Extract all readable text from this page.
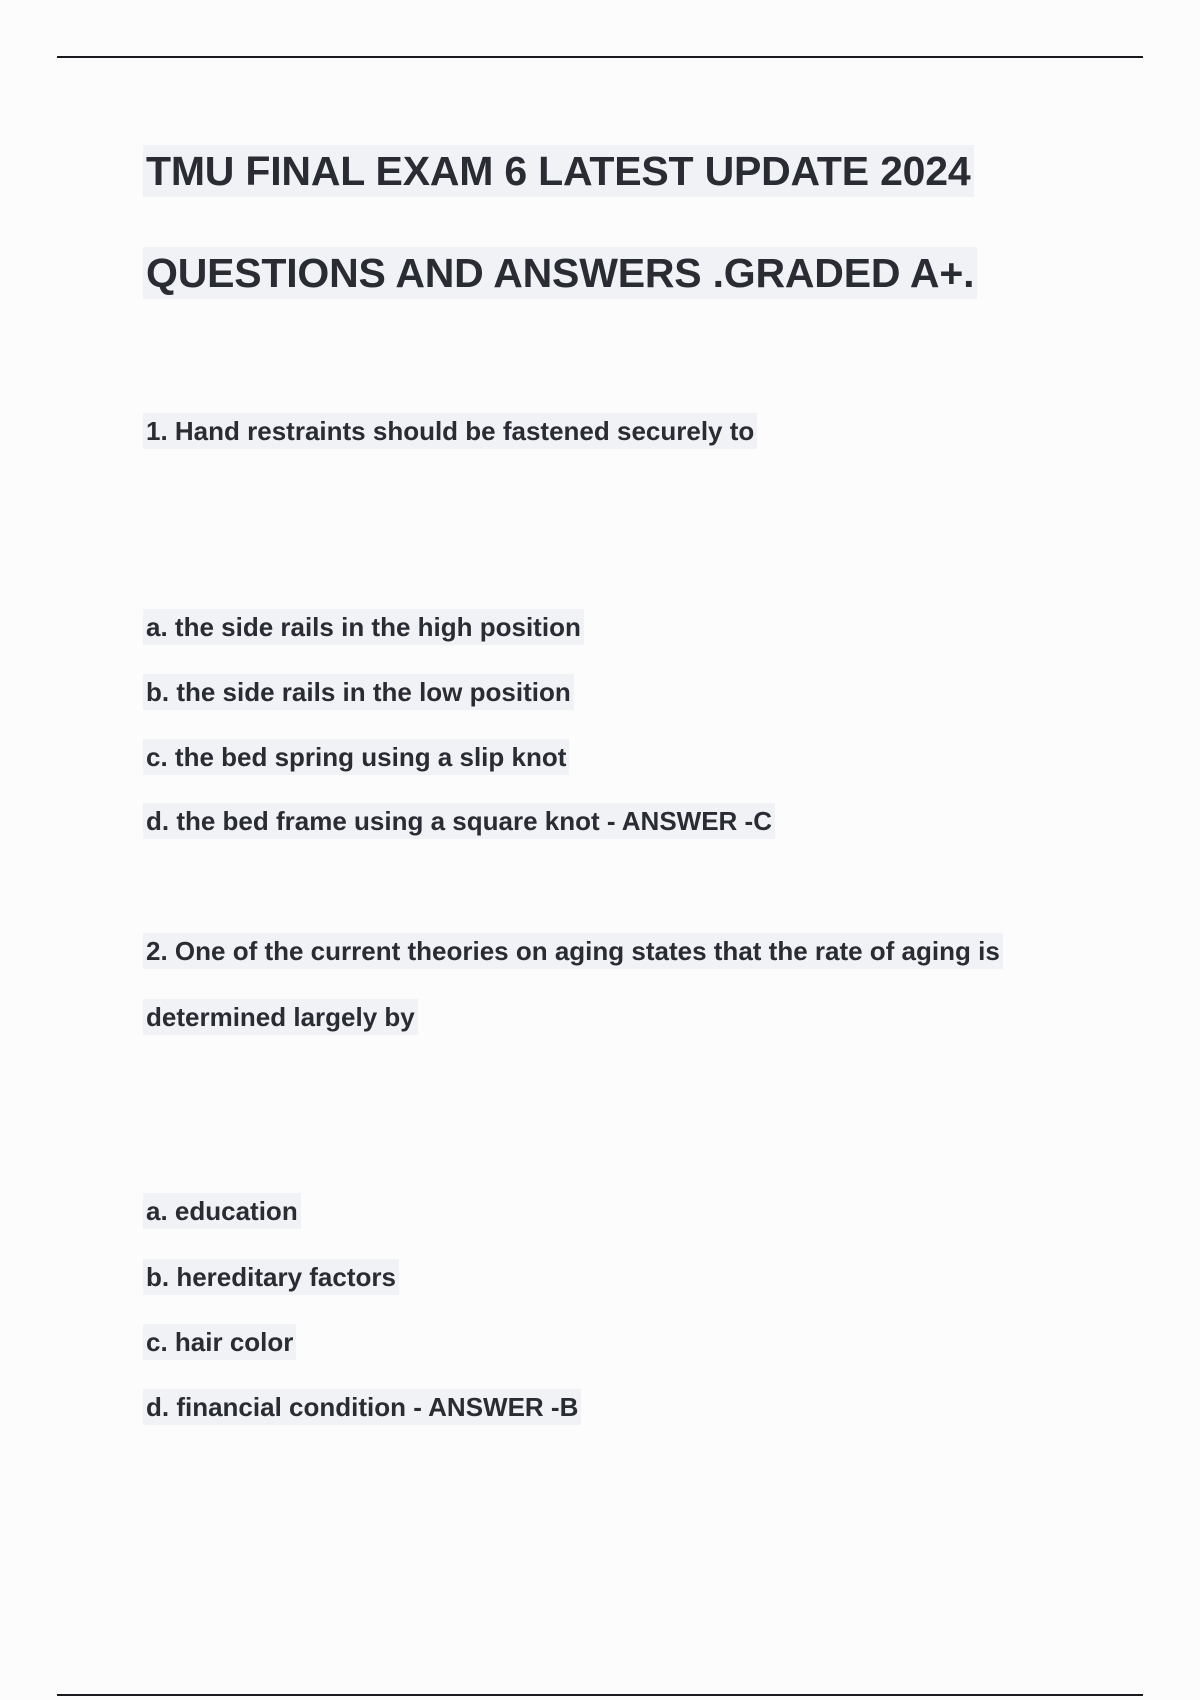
TMU FINAL EXAM 6 LATEST UPDATE 2024
QUESTIONS AND ANSWERS .GRADED A+.
1. Hand restraints should be fastened securely to
a. the side rails in the high position
b. the side rails in the low position
c. the bed spring using a slip knot
d. the bed frame using a square knot - ANSWER -C
2. One of the current theories on aging states that the rate of aging is
determined largely by
a. education
b. hereditary factors
c. hair color
d. financial condition - ANSWER -B
